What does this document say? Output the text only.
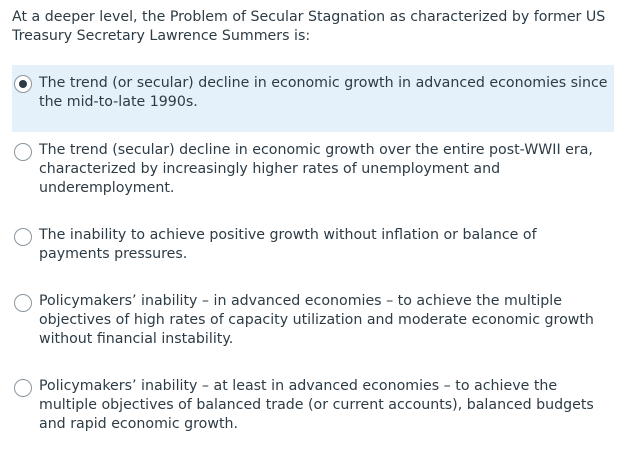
At a deeper level, the Problem of Secular Stagnation as characterized by former US Treasury Secretary Lawrence Summers is:

The trend (or secular) decline in economic growth in advanced economies since the mid-to-late 1990s.
The trend (secular) decline in economic growth over the entire post-WWII era, characterized by increasingly higher rates of unemployment and underemployment.
The inability to achieve positive growth without inflation or balance of payments pressures.
Policymakers’ inability – in advanced economies – to achieve the multiple objectives of high rates of capacity utilization and moderate economic growth without financial instability.
Policymakers’ inability – at least in advanced economies – to achieve the multiple objectives of balanced trade (or current accounts), balanced budgets and rapid economic growth.
